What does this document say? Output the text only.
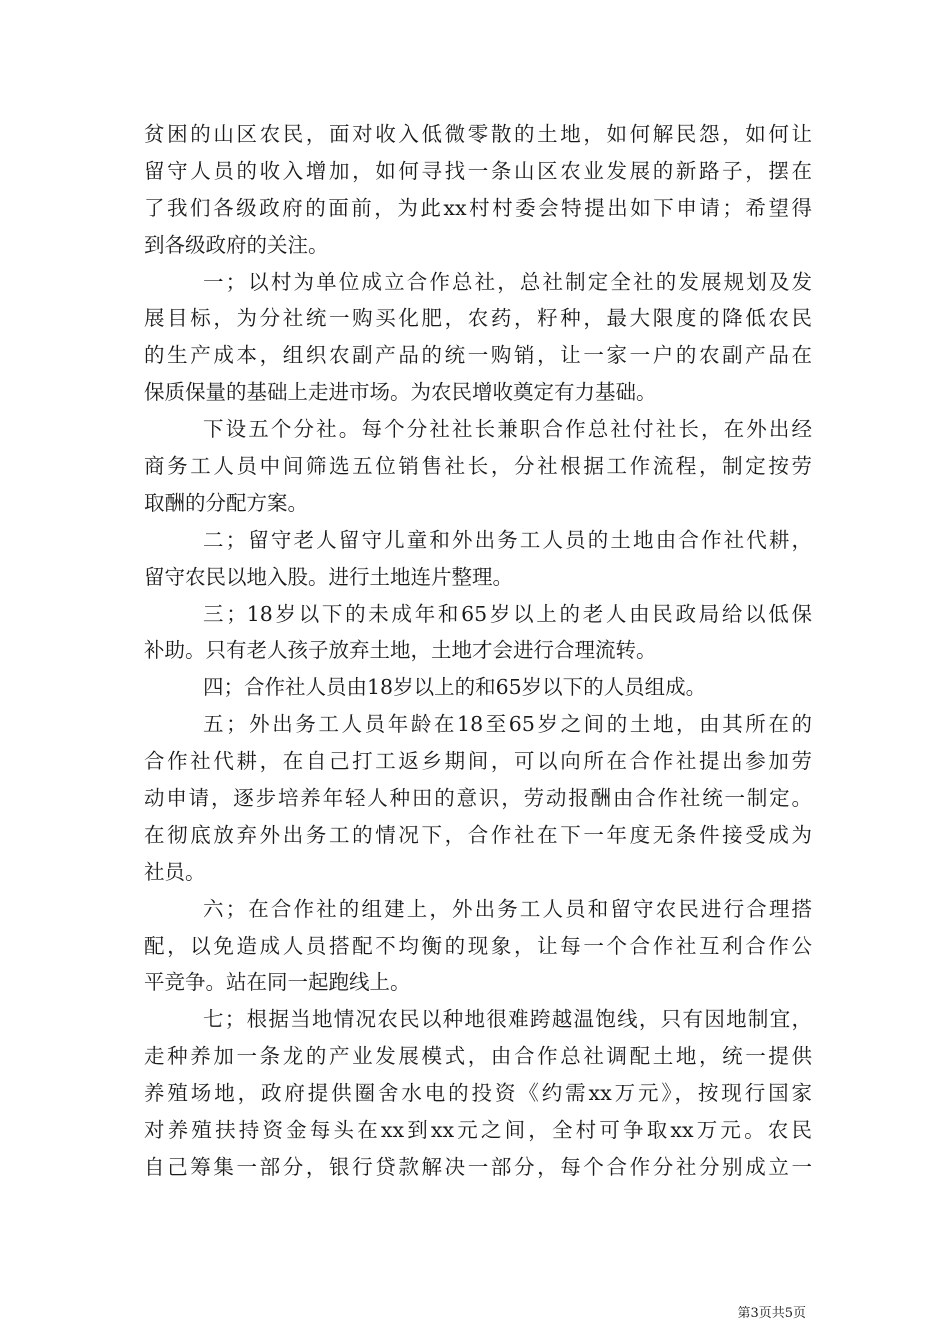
贫困的山区农民，面对收入低微零散的土地，如何解民怨，如何让
留守人员的收入增加，如何寻找一条山区农业发展的新路子，摆在
了我们各级政府的面前，为此xx村村委会特提出如下申请；希望得
到各级政府的关注。
一；以村为单位成立合作总社，总社制定全社的发展规划及发
展目标，为分社统一购买化肥，农药，籽种，最大限度的降低农民
的生产成本，组织农副产品的统一购销，让一家一户的农副产品在
保质保量的基础上走进市场。为农民增收奠定有力基础。
下设五个分社。每个分社社长兼职合作总社付社长，在外出经
商务工人员中间筛选五位销售社长，分社根据工作流程，制定按劳
取酬的分配方案。
二；留守老人留守儿童和外出务工人员的土地由合作社代耕，
留守农民以地入股。进行土地连片整理。
三；18岁以下的未成年和65岁以上的老人由民政局给以低保
补助。只有老人孩子放弃土地，土地才会进行合理流转。
四；合作社人员由18岁以上的和65岁以下的人员组成。
五；外出务工人员年龄在18至65岁之间的土地，由其所在的
合作社代耕，在自己打工返乡期间，可以向所在合作社提出参加劳
动申请，逐步培养年轻人种田的意识，劳动报酬由合作社统一制定。
在彻底放弃外出务工的情况下，合作社在下一年度无条件接受成为
社员。
六；在合作社的组建上，外出务工人员和留守农民进行合理搭
配，以免造成人员搭配不均衡的现象，让每一个合作社互利合作公
平竞争。站在同一起跑线上。
七；根据当地情况农民以种地很难跨越温饱线，只有因地制宜，
走种养加一条龙的产业发展模式，由合作总社调配土地，统一提供
养殖场地，政府提供圈舍水电的投资《约需xx万元》，按现行国家
对养殖扶持资金每头在xx到xx元之间，全村可争取xx万元。农民
自己筹集一部分，银行贷款解决一部分，每个合作分社分别成立一
第3页共5页
